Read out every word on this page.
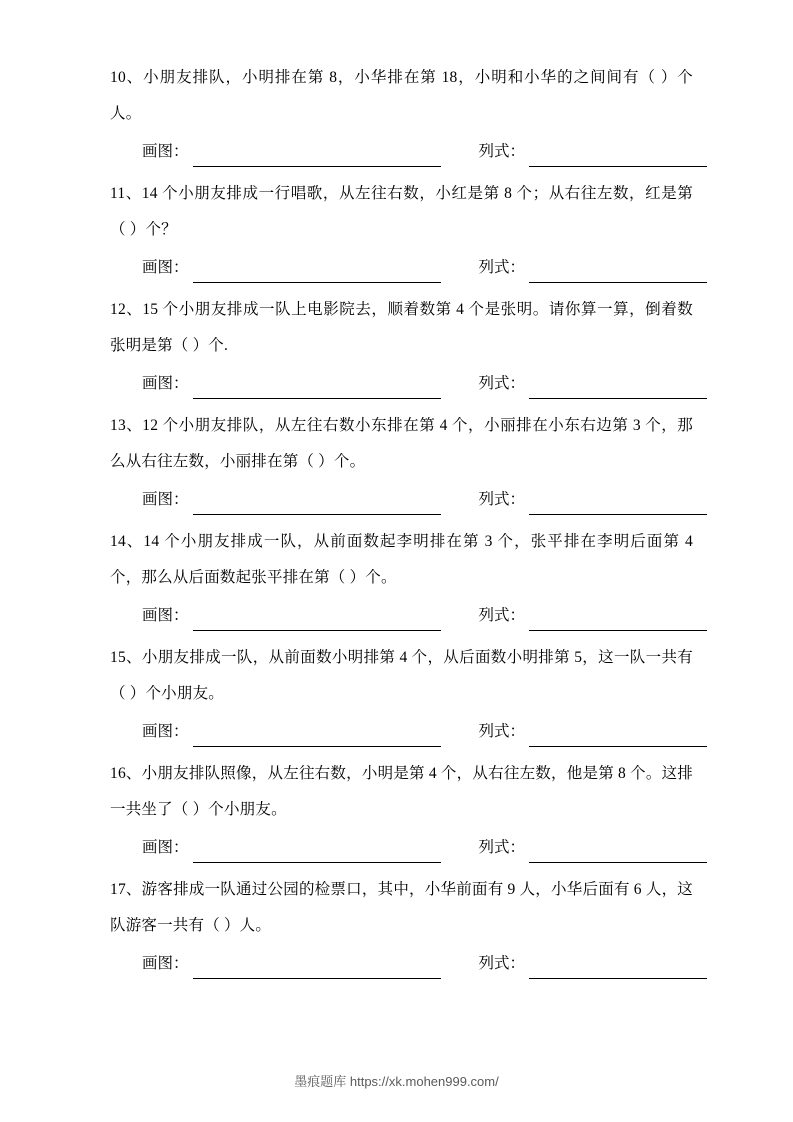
10、小朋友排队，小明排在第 8，小华排在第 18，小明和小华的之间间有（ ）个人。
画图：	列式：
11、14 个小朋友排成一行唱歌，从左往右数，小红是第 8 个；从右往左数，红是第（ ）个？
画图：	列式：
12、15 个小朋友排成一队上电影院去，顺着数第 4 个是张明。请你算一算，倒着数张明是第（ ）个.
画图：	列式：
13、12 个小朋友排队，从左往右数小东排在第 4 个，小丽排在小东右边第 3 个，那么从右往左数，小丽排在第（ ）个。
画图：	列式：
14、14 个小朋友排成一队，从前面数起李明排在第 3 个，张平排在李明后面第 4 个，那么从后面数起张平排在第（ ）个。
画图：	列式：
15、小朋友排成一队，从前面数小明排第 4 个，从后面数小明排第 5，这一队一共有（ ）个小朋友。
画图：	列式：
16、小朋友排队照像，从左往右数，小明是第 4 个，从右往左数，他是第 8 个。这排一共坐了（ ）个小朋友。
画图：	列式：
17、游客排成一队通过公园的检票口，其中，小华前面有 9 人，小华后面有 6 人，这队游客一共有（ ）人。
画图：	列式：
墨痕题库 https://xk.mohen999.com/
